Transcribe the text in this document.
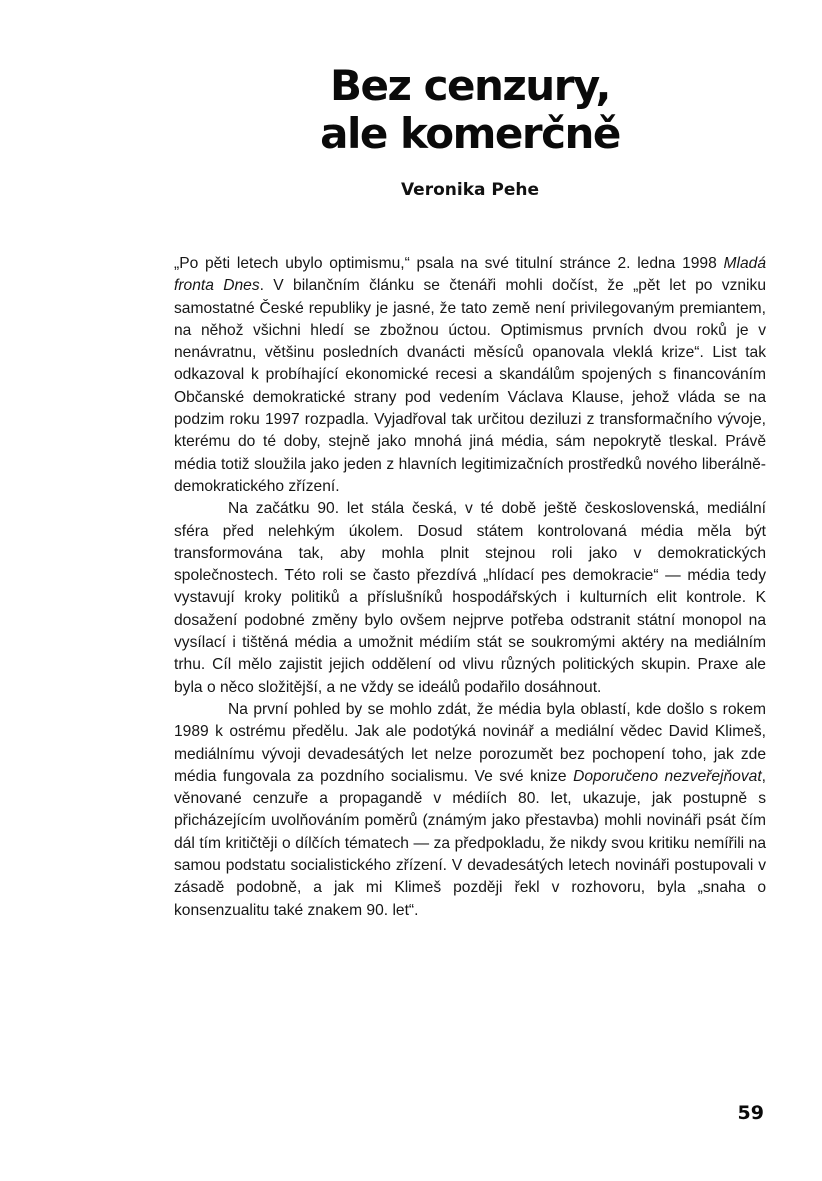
Bez cenzury,
ale komerčně
Veronika Pehe

„Po pěti letech ubylo optimismu,“ psala na své titulní stránce 2. ledna 1998 Mladá fronta Dnes. V bilančním článku se čtenáři mohli dočíst, že „pět let po vzniku samostatné České republiky je jasné, že tato země není privilegovaným premiantem, na něhož všichni hledí se zbožnou úctou. Optimismus prvních dvou roků je v nenávratnu, většinu posledních dvanácti měsíců opanovala vleklá krize“. List tak odkazoval k probíhající ekonomické recesi a skandálům spojených s financováním Občanské demokratické strany pod vedením Václava Klause, jehož vláda se na podzim roku 1997 rozpadla. Vyjadřoval tak určitou deziluzi z transformačního vývoje, kterému do té doby, stejně jako mnohá jiná média, sám nepokrytě tleskal. Právě média totiž sloužila jako jeden z hlavních legitimizačních prostředků nového liberálně-demokratického zřízení.

Na začátku 90. let stála česká, v té době ještě československá, mediální sféra před nelehkým úkolem. Dosud státem kontrolovaná média měla být transformována tak, aby mohla plnit stejnou roli jako v demokratických společnostech. Této roli se často přezdívá „hlídací pes demokracie“ — média tedy vystavují kroky politiků a příslušníků hospodářských i kulturních elit kontrole. K dosažení podobné změny bylo ovšem nejprve potřeba odstranit státní monopol na vysílací i tištěná média a umožnit médiím stát se soukromými aktéry na mediálním trhu. Cíl mělo zajistit jejich oddělení od vlivu různých politických skupin. Praxe ale byla o něco složitější, a ne vždy se ideálů podařilo dosáhnout.

Na první pohled by se mohlo zdát, že média byla oblastí, kde došlo s rokem 1989 k ostrému předělu. Jak ale podotýká novinář a mediální vědec David Klimeš, mediálnímu vývoji devadesátých let nelze porozumět bez pochopení toho, jak zde média fungovala za pozdního socialismu. Ve své knize Doporučeno nezveřejňovat, věnované cenzuře a propagandě v médiích 80. let, ukazuje, jak postupně s přicházejícím uvolňováním poměrů (známým jako přestavba) mohli novináři psát čím dál tím kritičtěji o dílčích tématech — za předpokladu, že nikdy svou kritiku nemířili na samou podstatu socialistického zřízení. V devadesátých letech novináři postupovali v zásadě podobně, a jak mi Klimeš později řekl v rozhovoru, byla „snaha o konsenzualitu také znakem 90. let“.

59
